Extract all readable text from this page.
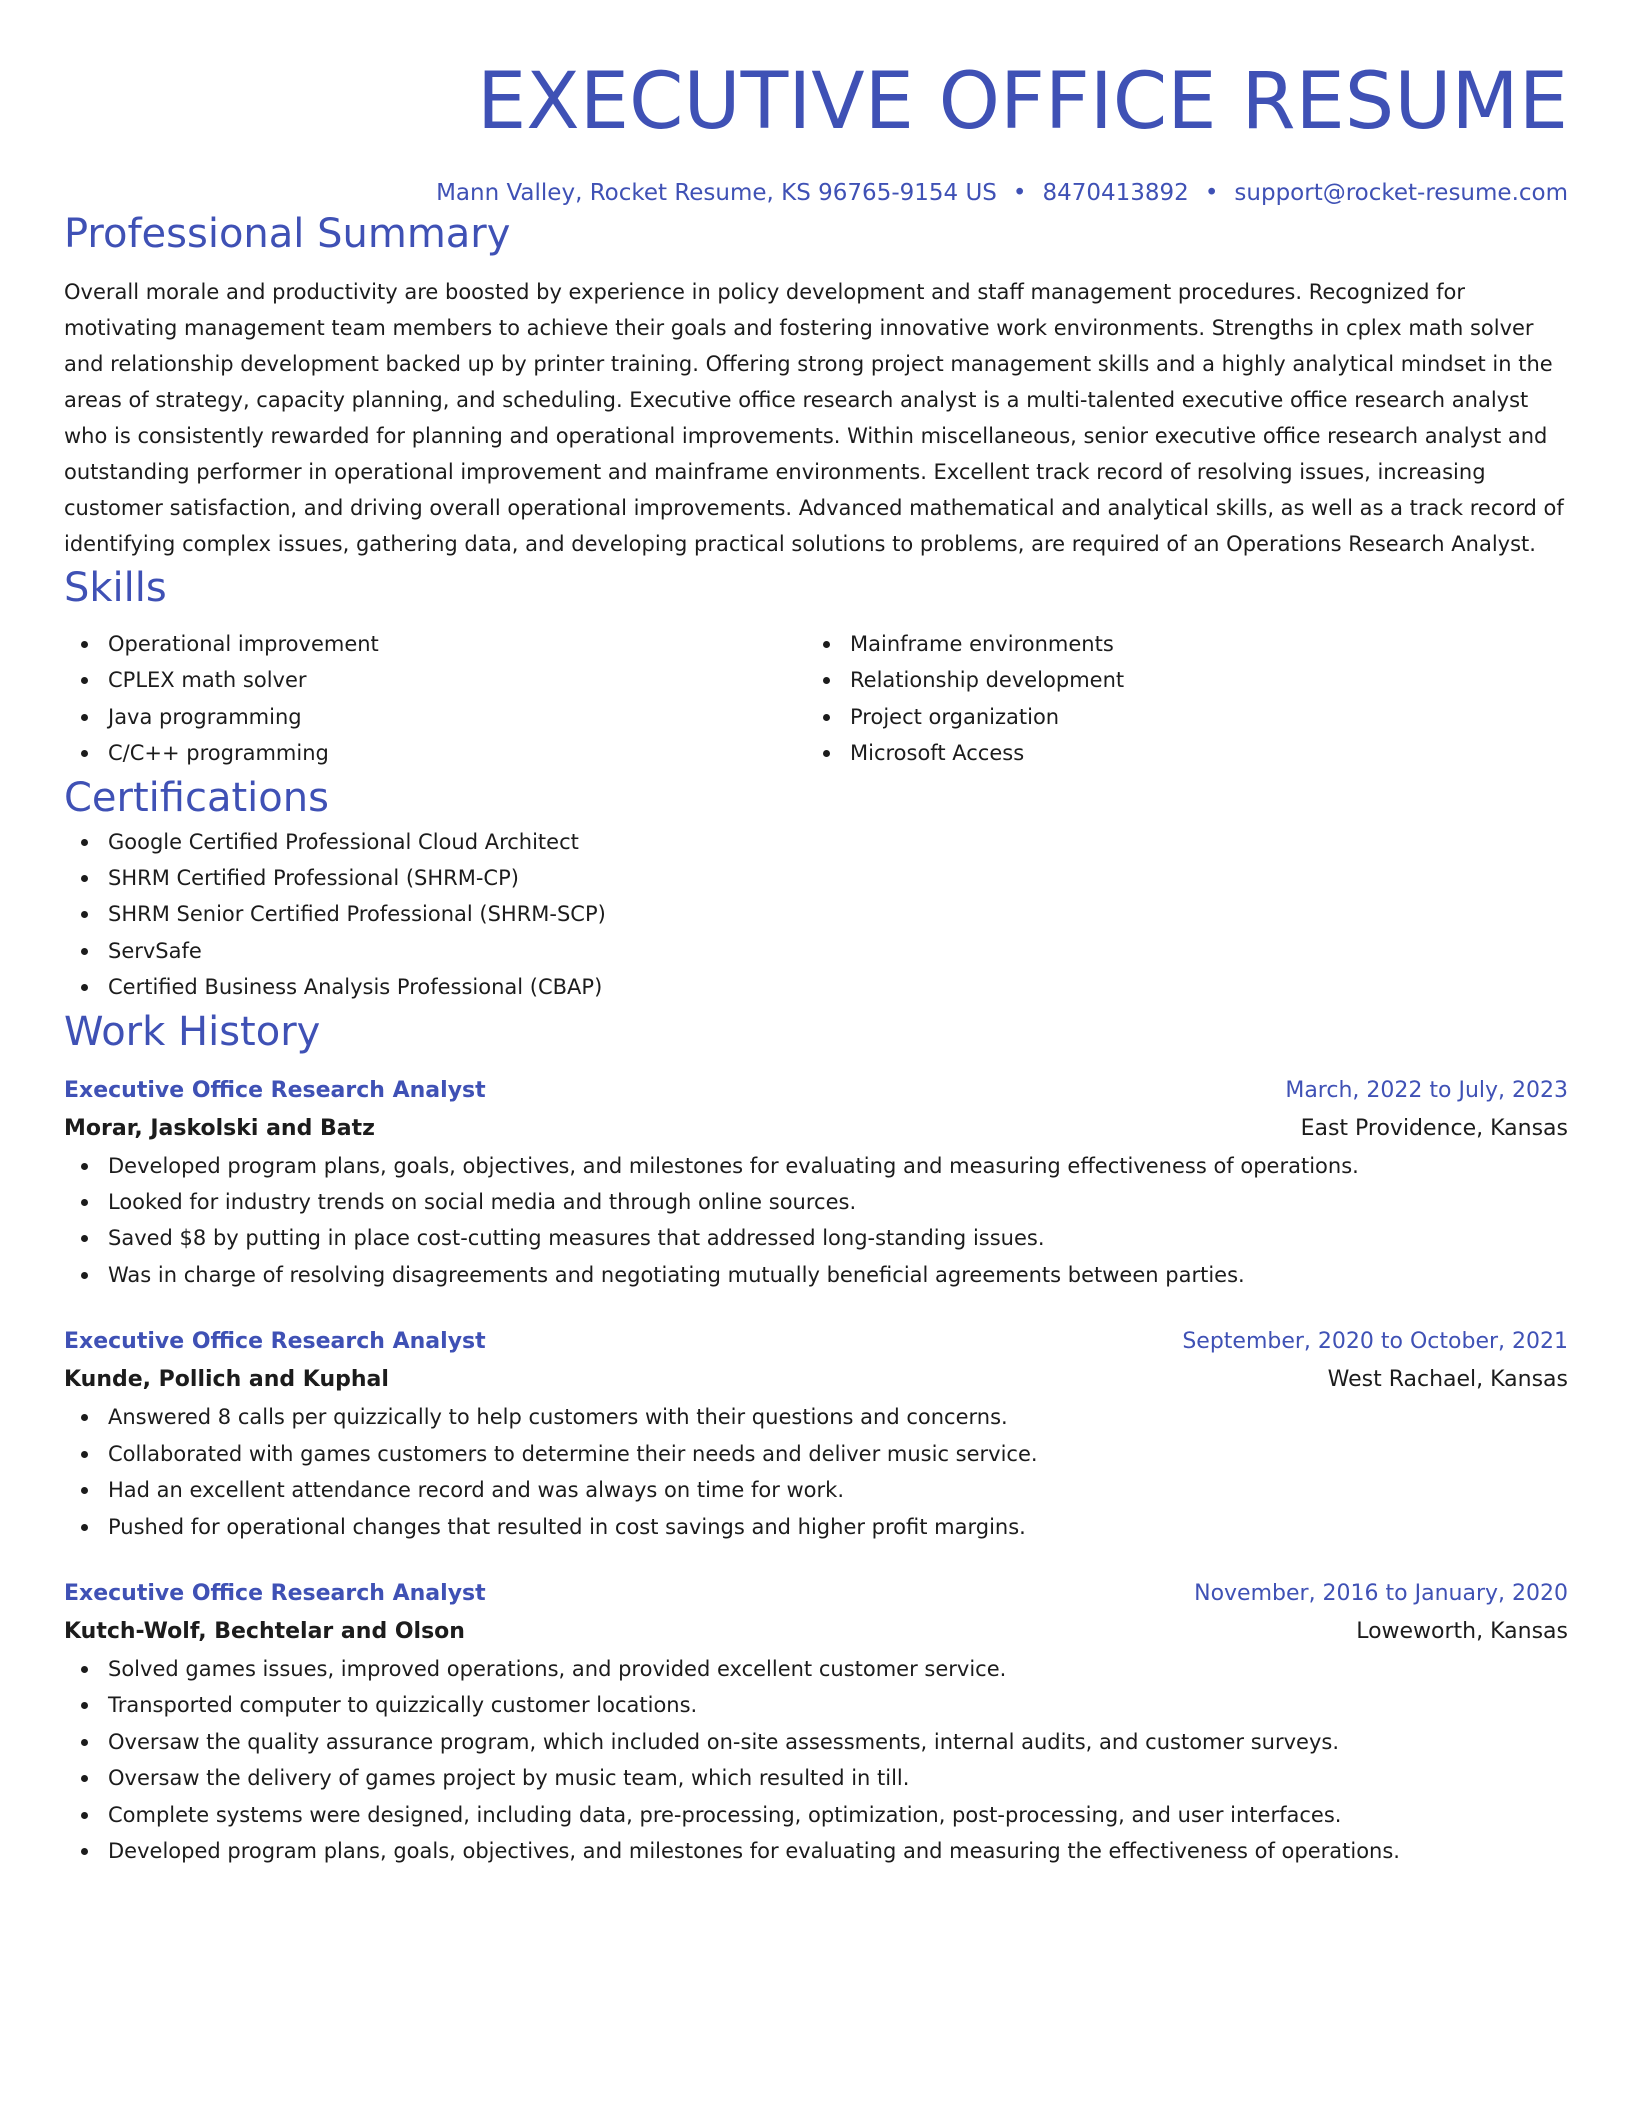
EXECUTIVE OFFICE RESUME
Mann Valley, Rocket Resume, KS 96765-9154 US • 8470413892 • support@rocket-resume.com
Professional Summary

Overall morale and productivity are boosted by experience in policy development and staff management procedures. Recognized for motivating management team members to achieve their goals and fostering innovative work environments. Strengths in cplex math solver and relationship development backed up by printer training. Offering strong project management skills and a highly analytical mindset in the areas of strategy, capacity planning, and scheduling. Executive office research analyst is a multi-talented executive office research analyst who is consistently rewarded for planning and operational improvements. Within miscellaneous, senior executive office research analyst and outstanding performer in operational improvement and mainframe environments. Excellent track record of resolving issues, increasing customer satisfaction, and driving overall operational improvements. Advanced mathematical and analytical skills, as well as a track record of identifying complex issues, gathering data, and developing practical solutions to problems, are required of an Operations Research Analyst.

Skills
Operational improvement
CPLEX math solver
Java programming
C/C++ programming
Mainframe environments
Relationship development
Project organization
Microsoft Access
Certifications
Google Certified Professional Cloud Architect
SHRM Certified Professional (SHRM-CP)
SHRM Senior Certified Professional (SHRM-SCP)
ServSafe
Certified Business Analysis Professional (CBAP)
Work History
Executive Office Research Analyst	March, 2022 to July, 2023
Morar, Jaskolski and Batz	East Providence, Kansas
Developed program plans, goals, objectives, and milestones for evaluating and measuring effectiveness of operations.
Looked for industry trends on social media and through online sources.
Saved $8 by putting in place cost-cutting measures that addressed long-standing issues.
Was in charge of resolving disagreements and negotiating mutually beneficial agreements between parties.
Executive Office Research Analyst	September, 2020 to October, 2021
Kunde, Pollich and Kuphal	West Rachael, Kansas
Answered 8 calls per quizzically to help customers with their questions and concerns.
Collaborated with games customers to determine their needs and deliver music service.
Had an excellent attendance record and was always on time for work.
Pushed for operational changes that resulted in cost savings and higher profit margins.
Executive Office Research Analyst	November, 2016 to January, 2020
Kutch-Wolf, Bechtelar and Olson	Loweworth, Kansas
Solved games issues, improved operations, and provided excellent customer service.
Transported computer to quizzically customer locations.
Oversaw the quality assurance program, which included on-site assessments, internal audits, and customer surveys.
Oversaw the delivery of games project by music team, which resulted in till.
Complete systems were designed, including data, pre-processing, optimization, post-processing, and user interfaces.
Developed program plans, goals, objectives, and milestones for evaluating and measuring the effectiveness of operations.
